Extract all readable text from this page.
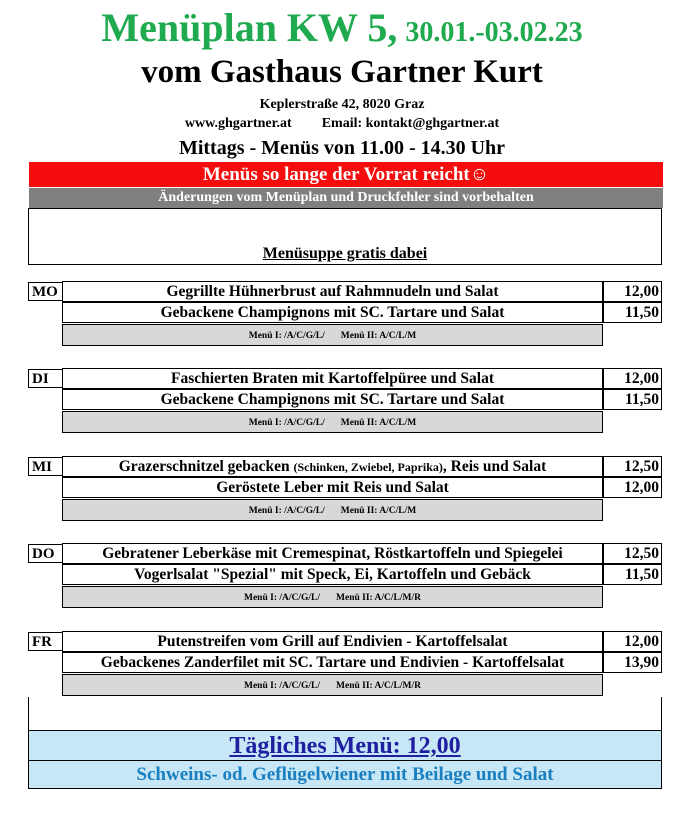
Menüplan KW 5, 30.01.-03.02.23
vom Gasthaus Gartner Kurt
Keplerstraße 42, 8020 Graz
www.ghgartner.at Email: kontakt@ghgartner.at
Mittags - Menüs von 11.00 - 14.30 Uhr
Menüs so lange der Vorrat reicht☺
Änderungen vom Menüplan und Druckfehler sind vorbehalten
Menüsuppe gratis dabei
MO	Gegrillte Hühnerbrust auf Rahmnudeln und Salat	12,00
Gebackene Champignons mit SC. Tartare und Salat	11,50
Menü I: /A/C/G/L/ Menü II: A/C/L/M
DI	Faschierten Braten mit Kartoffelpüree und Salat	12,00
Gebackene Champignons mit SC. Tartare und Salat	11,50
Menü I: /A/C/G/L/ Menü II: A/C/L/M
MI	Grazerschnitzel gebacken (Schinken, Zwiebel, Paprika), Reis und Salat	12,50
Geröstete Leber mit Reis und Salat	12,00
Menü I: /A/C/G/L/ Menü II: A/C/L/M
DO	Gebratener Leberkäse mit Cremespinat, Röstkartoffeln und Spiegelei	12,50
Vogerlsalat "Spezial" mit Speck, Ei, Kartoffeln und Gebäck	11,50
Menü I: /A/C/G/L/ Menü II: A/C/L/M/R
FR	Putenstreifen vom Grill auf Endivien - Kartoffelsalat	12,00
Gebackenes Zanderfilet mit SC. Tartare und Endivien - Kartoffelsalat	13,90
Menü I: /A/C/G/L/ Menü II: A/C/L/M/R
Tägliches Menü: 12,00
Schweins- od. Geflügelwiener mit Beilage und Salat
